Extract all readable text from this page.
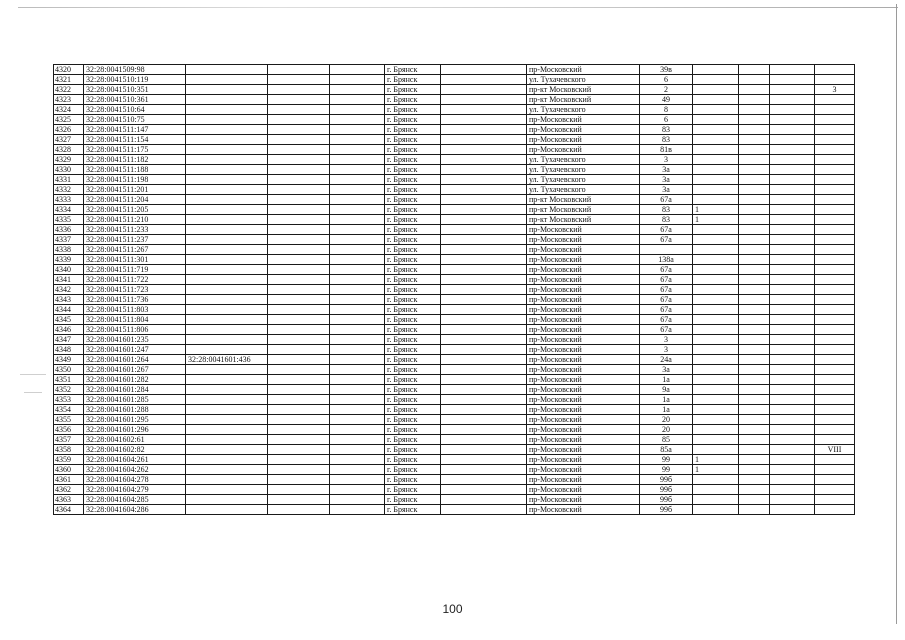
4320	32:28:0041509:98				г. Брянск		пр-Московский	39в				
4321	32:28:0041510:119				г. Брянск		ул. Тухачевского	6				
4322	32:28:0041510:351				г. Брянск		пр-кт Московский	2				3
4323	32:28:0041510:361				г. Брянск		пр-кт Московский	49				
4324	32:28:0041510:64				г. Брянск		ул. Тухачевского	8				
4325	32:28:0041510:75				г. Брянск		пр-Московский	6				
4326	32:28:0041511:147				г. Брянск		пр-Московский	83				
4327	32:28:0041511:154				г. Брянск		пр-Московский	83				
4328	32:28:0041511:175				г. Брянск		пр-Московский	81в				
4329	32:28:0041511:182				г. Брянск		ул. Тухачевского	3				
4330	32:28:0041511:188				г. Брянск		ул. Тухачевского	3а				
4331	32:28:0041511:198				г. Брянск		ул. Тухачевского	3а				
4332	32:28:0041511:201				г. Брянск		ул. Тухачевского	3а				
4333	32:28:0041511:204				г. Брянск		пр-кт Московский	67а				
4334	32:28:0041511:205				г. Брянск		пр-кт Московский	83	1			
4335	32:28:0041511:210				г. Брянск		пр-кт Московский	83	1			
4336	32:28:0041511:233				г. Брянск		пр-Московский	67а				
4337	32:28:0041511:237				г. Брянск		пр-Московский	67а				
4338	32:28:0041511:267				г. Брянск		пр-Московский					
4339	32:28:0041511:301				г. Брянск		пр-Московский	138а				
4340	32:28:0041511:719				г. Брянск		пр-Московский	67а				
4341	32:28:0041511:722				г. Брянск		пр-Московский	67а				
4342	32:28:0041511:723				г. Брянск		пр-Московский	67а				
4343	32:28:0041511:736				г. Брянск		пр-Московский	67а				
4344	32:28:0041511:803				г. Брянск		пр-Московский	67а				
4345	32:28:0041511:804				г. Брянск		пр-Московский	67а				
4346	32:28:0041511:806				г. Брянск		пр-Московский	67а				
4347	32:28:0041601:235				г. Брянск		пр-Московский	3				
4348	32:28:0041601:247				г. Брянск		пр-Московский	3				
4349	32:28:0041601:264	32:28:0041601:436			г. Брянск		пр-Московский	24а				
4350	32:28:0041601:267				г. Брянск		пр-Московский	3а				
4351	32:28:0041601:282				г. Брянск		пр-Московский	1а				
4352	32:28:0041601:284				г. Брянск		пр-Московский	9а				
4353	32:28:0041601:285				г. Брянск		пр-Московский	1а				
4354	32:28:0041601:288				г. Брянск		пр-Московский	1а				
4355	32:28:0041601:295				г. Брянск		пр-Московский	20				
4356	32:28:0041601:296				г. Брянск		пр-Московский	20				
4357	32:28:0041602:61				г. Брянск		пр-Московский	85				
4358	32:28:0041602:82				г. Брянск		пр-Московский	85а				VIII
4359	32:28:0041604:261				г. Брянск		пр-Московский	99	1			
4360	32:28:0041604:262				г. Брянск		пр-Московский	99	1			
4361	32:28:0041604:278				г. Брянск		пр-Московский	99б				
4362	32:28:0041604:279				г. Брянск		пр-Московский	99б				
4363	32:28:0041604:285				г. Брянск		пр-Московский	99б				
4364	32:28:0041604:286				г. Брянск		пр-Московский	99б				
100
